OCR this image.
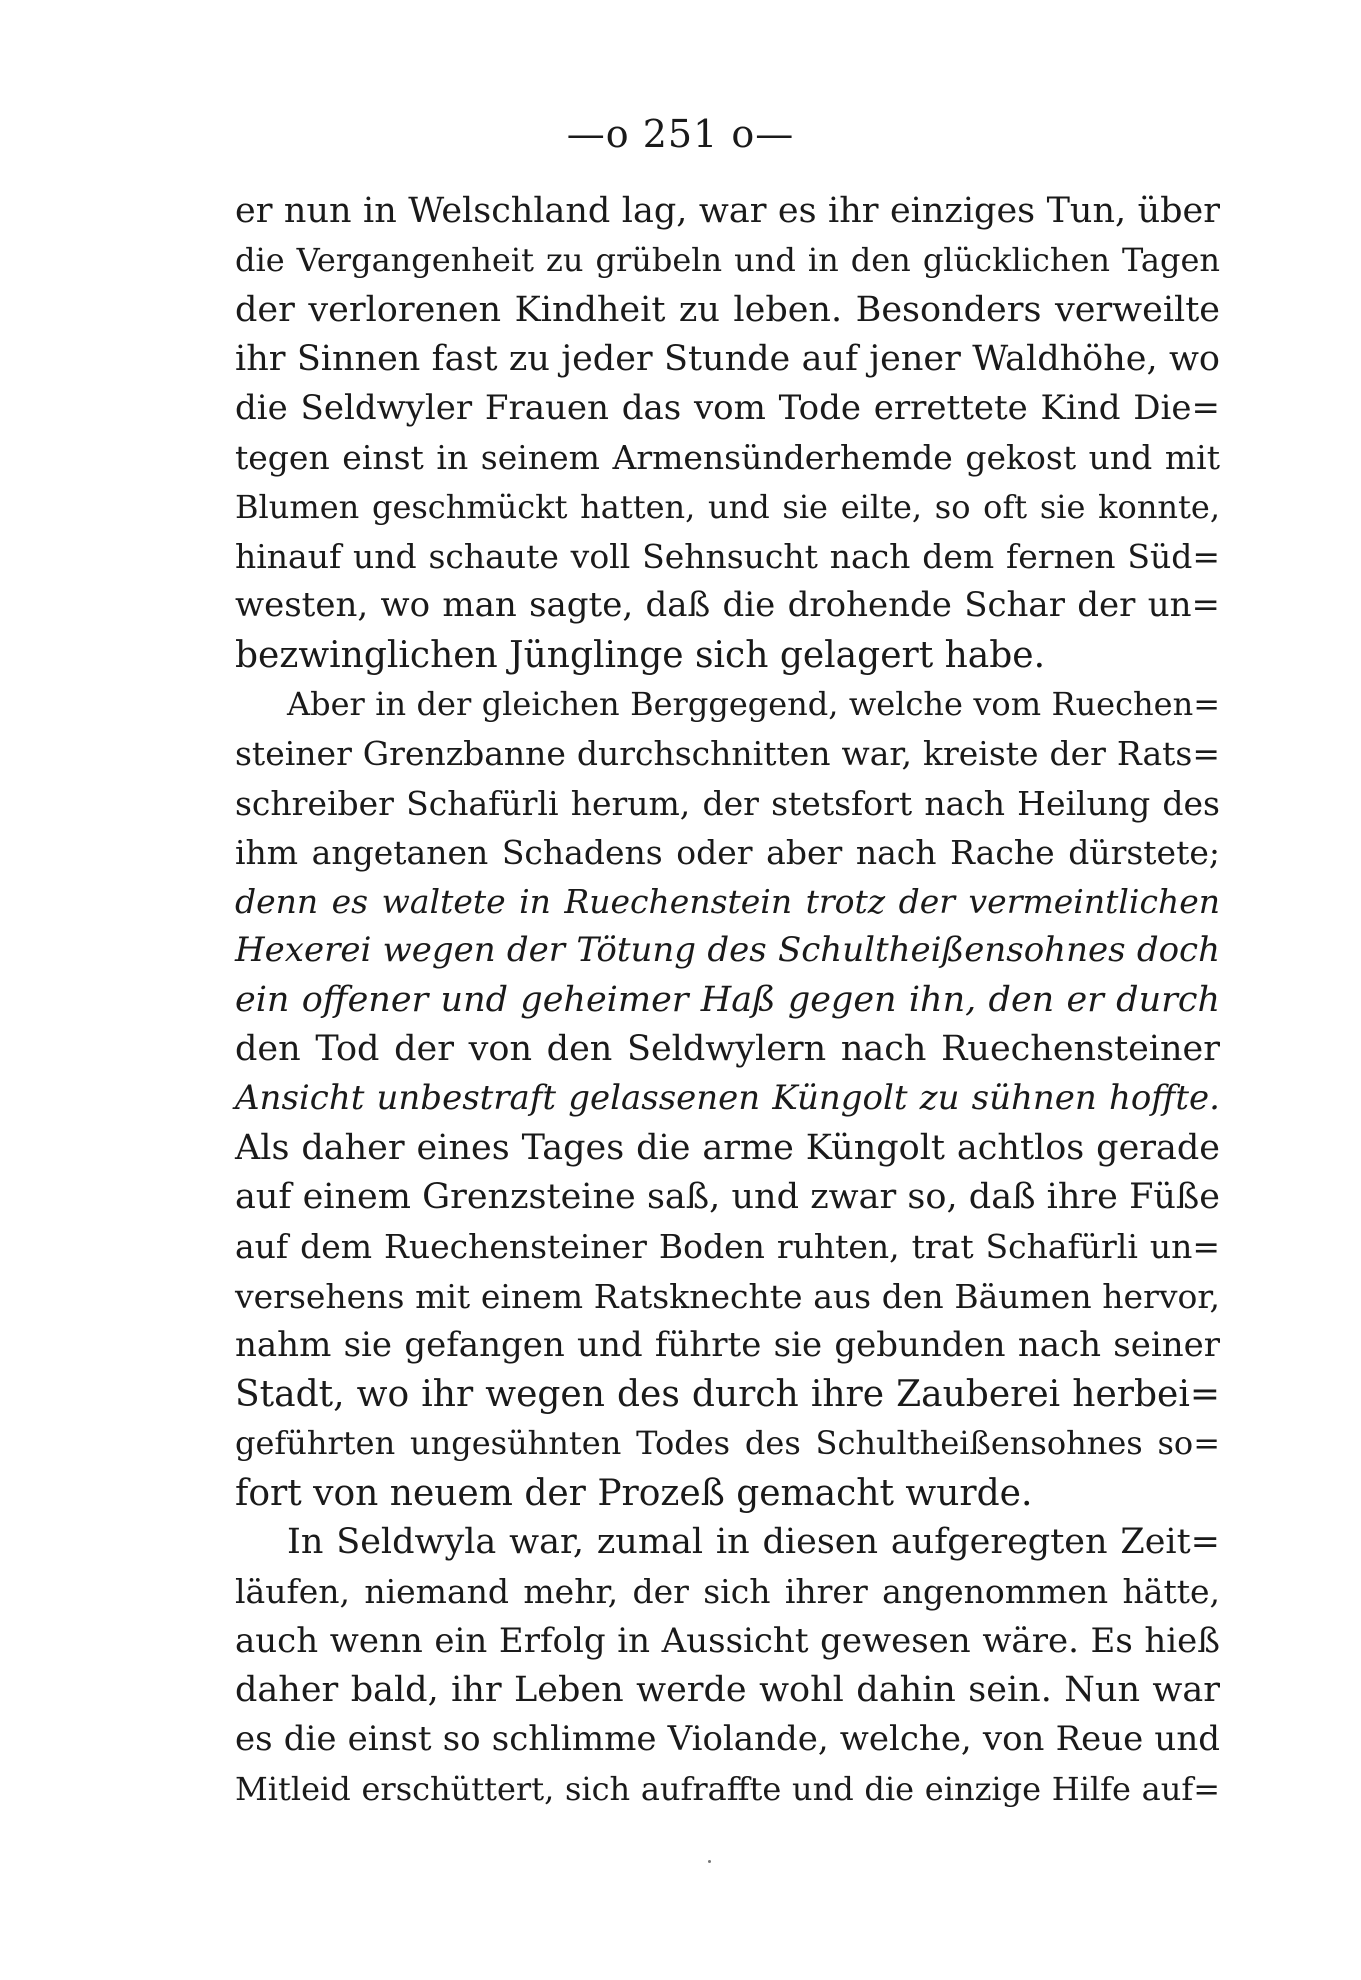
—o 251 o—
er nun in Welschland lag, war es ihr einziges Tun, über
die Vergangenheit zu grübeln und in den glücklichen Tagen
der verlorenen Kindheit zu leben. Besonders verweilte
ihr Sinnen fast zu jeder Stunde auf jener Waldhöhe, wo
die Seldwyler Frauen das vom Tode errettete Kind Die=
tegen einst in seinem Armensünderhemde gekost und mit
Blumen geschmückt hatten, und sie eilte, so oft sie konnte,
hinauf und schaute voll Sehnsucht nach dem fernen Süd=
westen, wo man sagte, daß die drohende Schar der un=
bezwinglichen Jünglinge sich gelagert habe.
Aber in der gleichen Berggegend, welche vom Ruechen=
steiner Grenzbanne durchschnitten war, kreiste der Rats=
schreiber Schafürli herum, der stetsfort nach Heilung des
ihm angetanen Schadens oder aber nach Rache dürstete;
denn es waltete in Ruechenstein trotz der vermeintlichen
Hexerei wegen der Tötung des Schultheißensohnes doch
ein offener und geheimer Haß gegen ihn, den er durch
den Tod der von den Seldwylern nach Ruechensteiner
Ansicht unbestraft gelassenen Küngolt zu sühnen hoffte.
Als daher eines Tages die arme Küngolt achtlos gerade
auf einem Grenzsteine saß, und zwar so, daß ihre Füße
auf dem Ruechensteiner Boden ruhten, trat Schafürli un=
versehens mit einem Ratsknechte aus den Bäumen hervor,
nahm sie gefangen und führte sie gebunden nach seiner
Stadt, wo ihr wegen des durch ihre Zauberei herbei=
geführten ungesühnten Todes des Schultheißensohnes so=
fort von neuem der Prozeß gemacht wurde.
In Seldwyla war, zumal in diesen aufgeregten Zeit=
läufen, niemand mehr, der sich ihrer angenommen hätte,
auch wenn ein Erfolg in Aussicht gewesen wäre. Es hieß
daher bald, ihr Leben werde wohl dahin sein. Nun war
es die einst so schlimme Violande, welche, von Reue und
Mitleid erschüttert, sich aufraffte und die einzige Hilfe auf=
